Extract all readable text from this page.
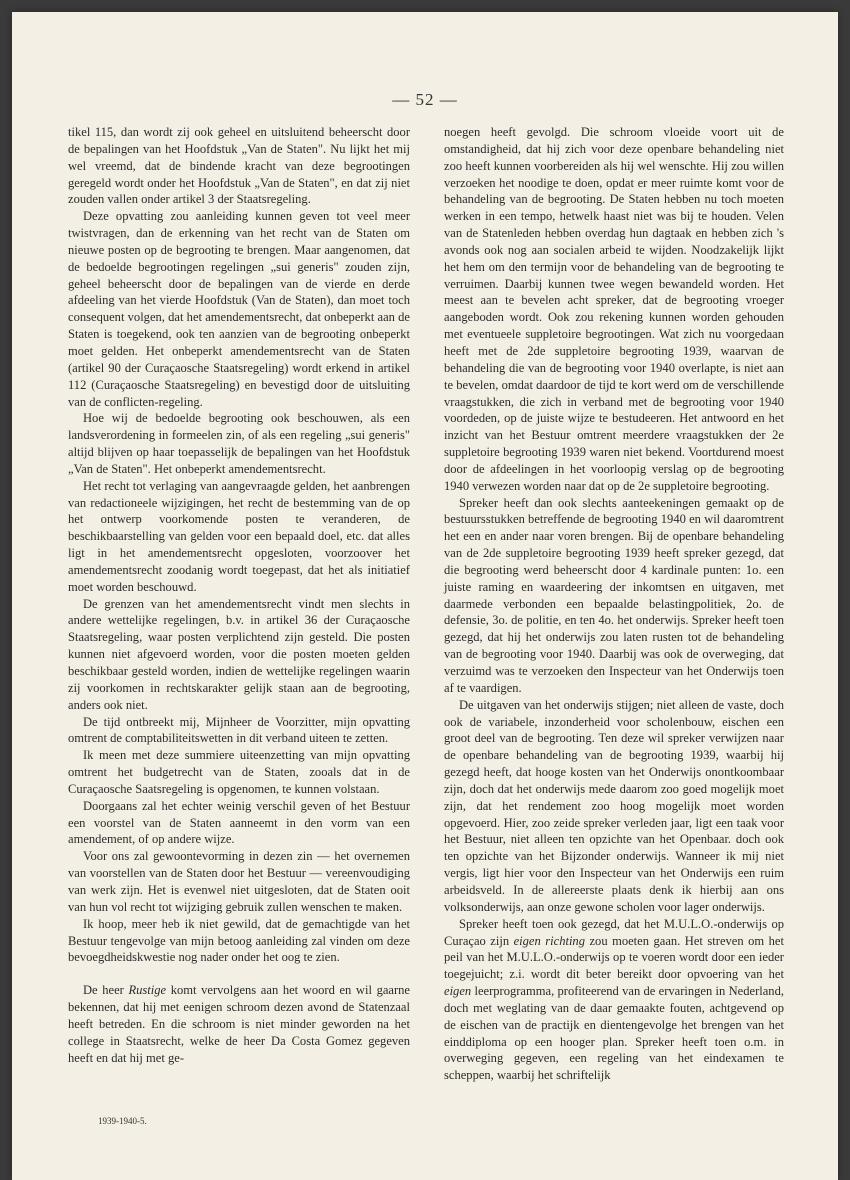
— 52 —

tikel 115, dan wordt zij ook geheel en uitsluitend beheerscht door de bepalingen van het Hoofdstuk „Van de Staten". Nu lijkt het mij wel vreemd, dat de bindende kracht van deze begrootingen geregeld wordt onder het Hoofdstuk „Van de Staten", en dat zij niet zouden vallen onder artikel 3 der Staatsregeling.

Deze opvatting zou aanleiding kunnen geven tot veel meer twistvragen, dan de erkenning van het recht van de Staten om nieuwe posten op de begrooting te brengen. Maar aangenomen, dat de bedoelde begrootingen regelingen „sui generis" zouden zijn, geheel beheerscht door de bepalingen van de vierde en derde afdeeling van het vierde Hoofdstuk (Van de Staten), dan moet toch consequent volgen, dat het amendementsrecht, dat onbeperkt aan de Staten is toegekend, ook ten aanzien van de begrooting onbeperkt moet gelden. Het onbeperkt amendementsrecht van de Staten (artikel 90 der Curaçaosche Staatsregeling) wordt erkend in artikel 112 (Curaçaosche Staatsregeling) en bevestigd door de uitsluiting van de conflicten-regeling.

Hoe wij de bedoelde begrooting ook beschouwen, als een landsverordening in formeelen zin, of als een regeling „sui generis" altijd blijven op haar toepasselijk de bepalingen van het Hoofdstuk „Van de Staten". Het onbeperkt amendementsrecht.

Het recht tot verlaging van aangevraagde gelden, het aanbrengen van redactioneele wijzigingen, het recht de bestemming van de op het ontwerp voorkomende posten te veranderen, de beschikbaarstelling van gelden voor een bepaald doel, etc. dat alles ligt in het amendementsrecht opgesloten, voorzoover het amendementsrecht zoodanig wordt toegepast, dat het als initiatief moet worden beschouwd.

De grenzen van het amendementsrecht vindt men slechts in andere wettelijke regelingen, b.v. in artikel 36 der Curaçaosche Staatsregeling, waar posten verplichtend zijn gesteld. Die posten kunnen niet afgevoerd worden, voor die posten moeten gelden beschikbaar gesteld worden, indien de wettelijke regelingen waarin zij voorkomen in rechtskarakter gelijk staan aan de begrooting, anders ook niet.

De tijd ontbreekt mij, Mijnheer de Voorzitter, mijn opvatting omtrent de comptabiliteitswetten in dit verband uiteen te zetten.

Ik meen met deze summiere uiteenzetting van mijn opvatting omtrent het budgetrecht van de Staten, zooals dat in de Curaçaosche Saatsregeling is opgenomen, te kunnen volstaan.

Doorgaans zal het echter weinig verschil geven of het Bestuur een voorstel van de Staten aanneemt in den vorm van een amendement, of op andere wijze.

Voor ons zal gewoontevorming in dezen zin — het overnemen van voorstellen van de Staten door het Bestuur — vereenvoudiging van werk zijn. Het is evenwel niet uitgesloten, dat de Staten ooit van hun vol recht tot wijziging gebruik zullen wenschen te maken.

Ik hoop, meer heb ik niet gewild, dat de gemachtigde van het Bestuur tengevolge van mijn betoog aanleiding zal vinden om deze bevoegdheidskwestie nog nader onder het oog te zien.

De heer Rustige komt vervolgens aan het woord en wil gaarne bekennen, dat hij met eenigen schroom dezen avond de Statenzaal heeft betreden. En die schroom is niet minder geworden na het college in Staatsrecht, welke de heer Da Costa Gomez gegeven heeft en dat hij met ge-

noegen heeft gevolgd. Die schroom vloeide voort uit de omstandigheid, dat hij zich voor deze openbare behandeling niet zoo heeft kunnen voorbereiden als hij wel wenschte. Hij zou willen verzoeken het noodige te doen, opdat er meer ruimte komt voor de behandeling van de begrooting. De Staten hebben nu toch moeten werken in een tempo, hetwelk haast niet was bij te houden. Velen van de Statenleden hebben overdag hun dagtaak en hebben zich 's avonds ook nog aan socialen arbeid te wijden. Noodzakelijk lijkt het hem om den termijn voor de behandeling van de begrooting te verruimen. Daarbij kunnen twee wegen bewandeld worden. Het meest aan te bevelen acht spreker, dat de begrooting vroeger aangeboden wordt. Ook zou rekening kunnen worden gehouden met eventueele suppletoire begrootingen. Wat zich nu voorgedaan heeft met de 2de suppletoire begrooting 1939, waarvan de behandeling die van de begrooting voor 1940 overlapte, is niet aan te bevelen, omdat daardoor de tijd te kort werd om de verschillende vraagstukken, die zich in verband met de begrooting voor 1940 voordeden, op de juiste wijze te bestudeeren. Het antwoord en het inzicht van het Bestuur omtrent meerdere vraagstukken der 2e suppletoire begrooting 1939 waren niet bekend. Voortdurend moest door de afdeelingen in het voorloopig verslag op de begrooting 1940 verwezen worden naar dat op de 2e suppletoire begrooting.

Spreker heeft dan ook slechts aanteekeningen gemaakt op de bestuursstukken betreffende de begrooting 1940 en wil daaromtrent het een en ander naar voren brengen. Bij de openbare behandeling van de 2de suppletoire begrooting 1939 heeft spreker gezegd, dat die begrooting werd beheerscht door 4 kardinale punten: 1o. een juiste raming en waardeering der inkomtsen en uitgaven, met daarmede verbonden een bepaalde belastingpolitiek, 2o. de defensie, 3o. de politie, en ten 4o. het onderwijs. Spreker heeft toen gezegd, dat hij het onderwijs zou laten rusten tot de behandeling van de begrooting voor 1940. Daarbij was ook de overweging, dat verzuimd was te verzoeken den Inspecteur van het Onderwijs toen af te vaardigen.

De uitgaven van het onderwijs stijgen; niet alleen de vaste, doch ook de variabele, inzonderheid voor scholenbouw, eischen een groot deel van de begrooting. Ten deze wil spreker verwijzen naar de openbare behandeling van de begrooting 1939, waarbij hij gezegd heeft, dat hooge kosten van het Onderwijs onontkoombaar zijn, doch dat het onderwijs mede daarom zoo goed mogelijk moet zijn, dat het rendement zoo hoog mogelijk moet worden opgevoerd. Hier, zoo zeide spreker verleden jaar, ligt een taak voor het Bestuur, niet alleen ten opzichte van het Openbaar. doch ook ten opzichte van het Bijzonder onderwijs. Wanneer ik mij niet vergis, ligt hier voor den Inspecteur van het Onderwijs een ruim arbeidsveld. In de allereerste plaats denk ik hierbij aan ons volksonderwijs, aan onze gewone scholen voor lager onderwijs.

Spreker heeft toen ook gezegd, dat het M.U.L.O.-onderwijs op Curaçao zijn eigen richting zou moeten gaan. Het streven om het peil van het M.U.L.O.-onderwijs op te voeren wordt door een ieder toegejuicht; z.i. wordt dit beter bereikt door opvoering van het eigen leerprogramma, profiteerend van de ervaringen in Nederland, doch met weglating van de daar gemaakte fouten, achtgevend op de eischen van de practijk en dientengevolge het brengen van het einddiploma op een hooger plan. Spreker heeft toen o.m. in overweging gegeven, een regeling van het eindexamen te scheppen, waarbij het schriftelijk

1939-1940-5.
